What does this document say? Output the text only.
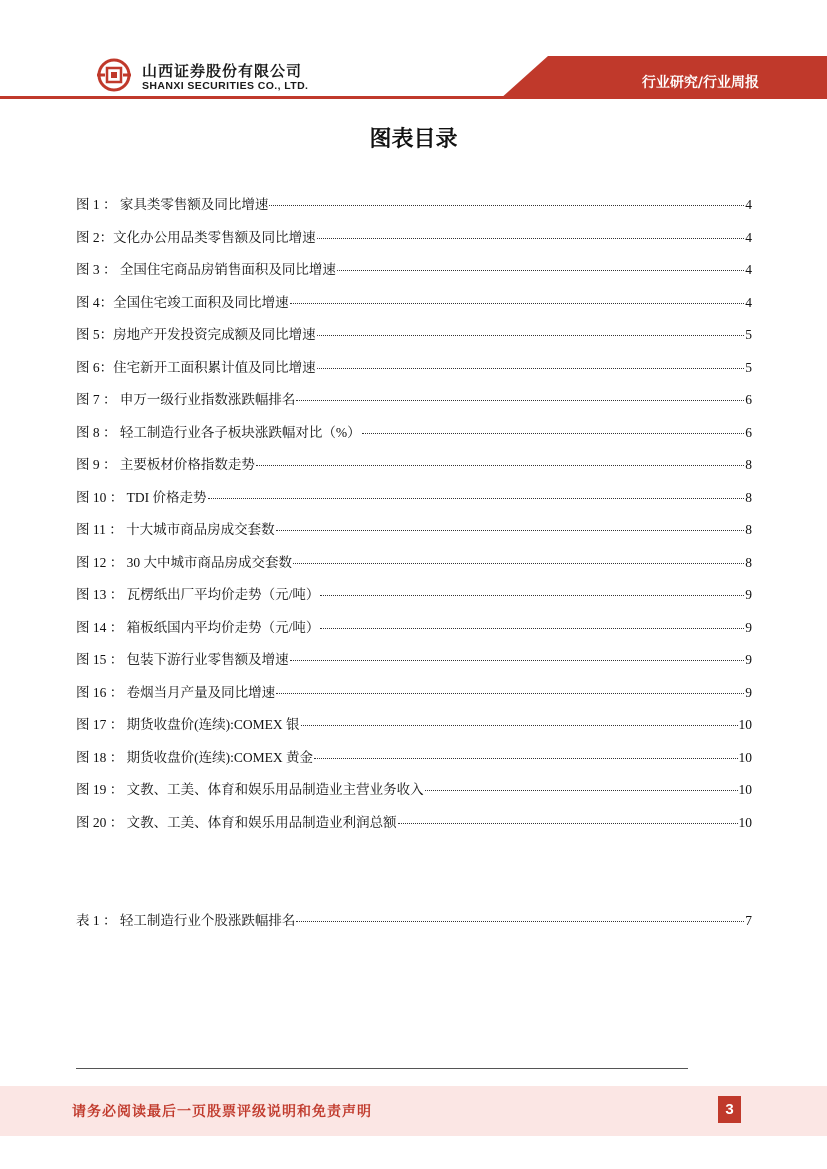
山西证券股份有限公司
SHANXI SECURITIES CO., LTD.	行业研究/行业周报
图表目录
图 1 ： 家具类零售额及同比增速	4
图 2：文化办公用品类零售额及同比增速	4
图 3 ： 全国住宅商品房销售面积及同比增速	4
图 4：全国住宅竣工面积及同比增速	4
图 5：房地产开发投资完成额及同比增速	5
图 6：住宅新开工面积累计值及同比增速	5
图 7 ： 申万一级行业指数涨跌幅排名	6
图 8 ： 轻工制造行业各子板块涨跌幅对比（%）	6
图 9 ： 主要板材价格指数走势	8
图 10 ： TDI 价格走势	8
图 11 ： 十大城市商品房成交套数	8
图 12 ： 30 大中城市商品房成交套数	8
图 13 ： 瓦楞纸出厂平均价走势（元/吨）	9
图 14 ： 箱板纸国内平均价走势（元/吨）	9
图 15 ： 包装下游行业零售额及增速	9
图 16 ： 卷烟当月产量及同比增速	9
图 17 ： 期货收盘价(连续):COMEX 银	10
图 18 ： 期货收盘价(连续):COMEX 黄金	10
图 19 ： 文教、工美、体育和娱乐用品制造业主营业务收入	10
图 20 ： 文教、工美、体育和娱乐用品制造业利润总额	10
表 1 ： 轻工制造行业个股涨跌幅排名	7
请务必阅读最后一页股票评级说明和免责声明	3
